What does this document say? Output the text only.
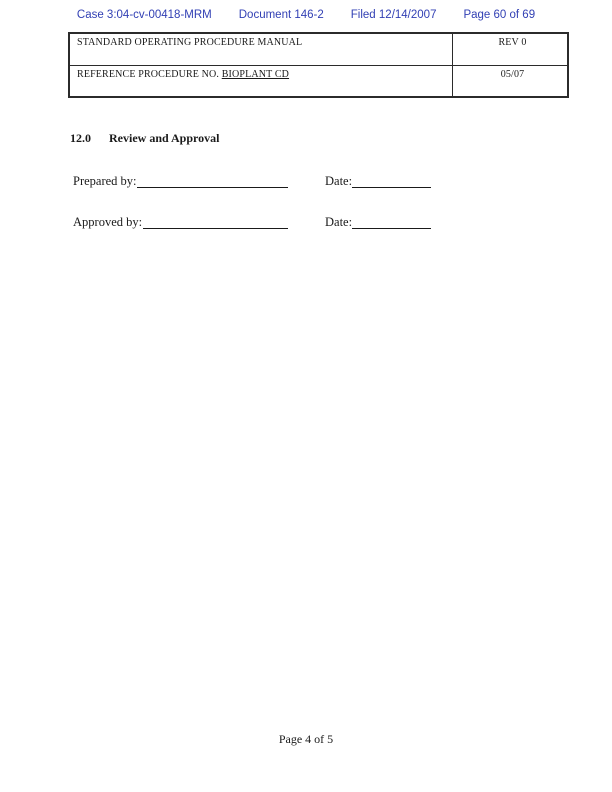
Case 3:04-cv-00418-MRM Document 146-2 Filed 12/14/2007 Page 60 of 69
STANDARD OPERATING PROCEDURE MANUAL	REV 0
REFERENCE PROCEDURE NO. BIOPLANT CD	05/07
12.0 Review and Approval
Prepared by:	Date:
Approved by:	Date:
Page 4 of 5
